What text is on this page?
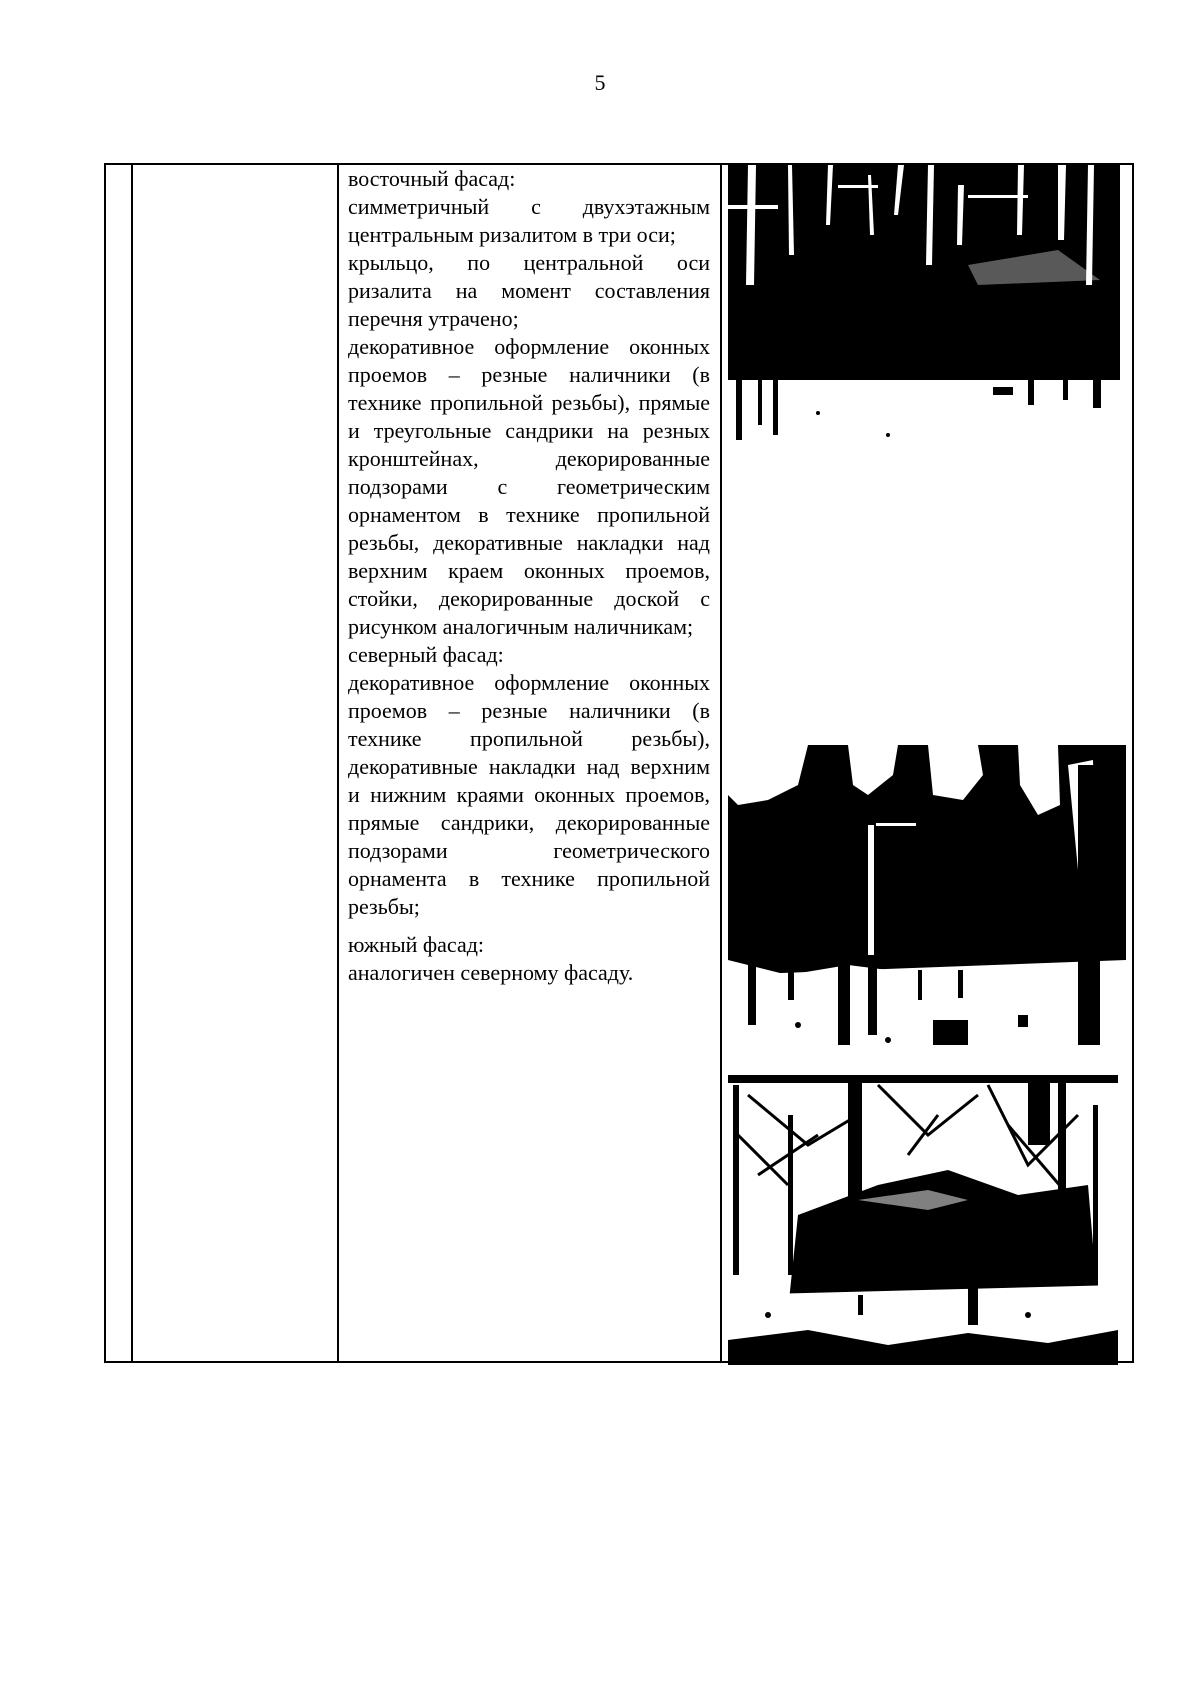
5

восточный фасад:

симметричный с двухэтажным центральным ризалитом в три оси;

крыльцо, по центральной оси ризалита на момент составления перечня утрачено;

декоративное оформление оконных проемов – резные наличники (в технике пропильной резьбы), прямые и треугольные сандрики на резных кронштейнах, декорированные подзорами с геометрическим орнаментом в технике пропильной резьбы, декоративные накладки над верхним краем оконных проемов, стойки, декорированные доской с рисунком аналогичным наличникам;

северный фасад:

декоративное оформление оконных проемов – резные наличники (в технике пропильной резьбы), декоративные накладки над верхним и нижним краями оконных проемов, прямые сандрики, декорированные подзорами геометрического орнамента в технике пропильной резьбы;

южный фасад:

аналогичен северному фасаду.
